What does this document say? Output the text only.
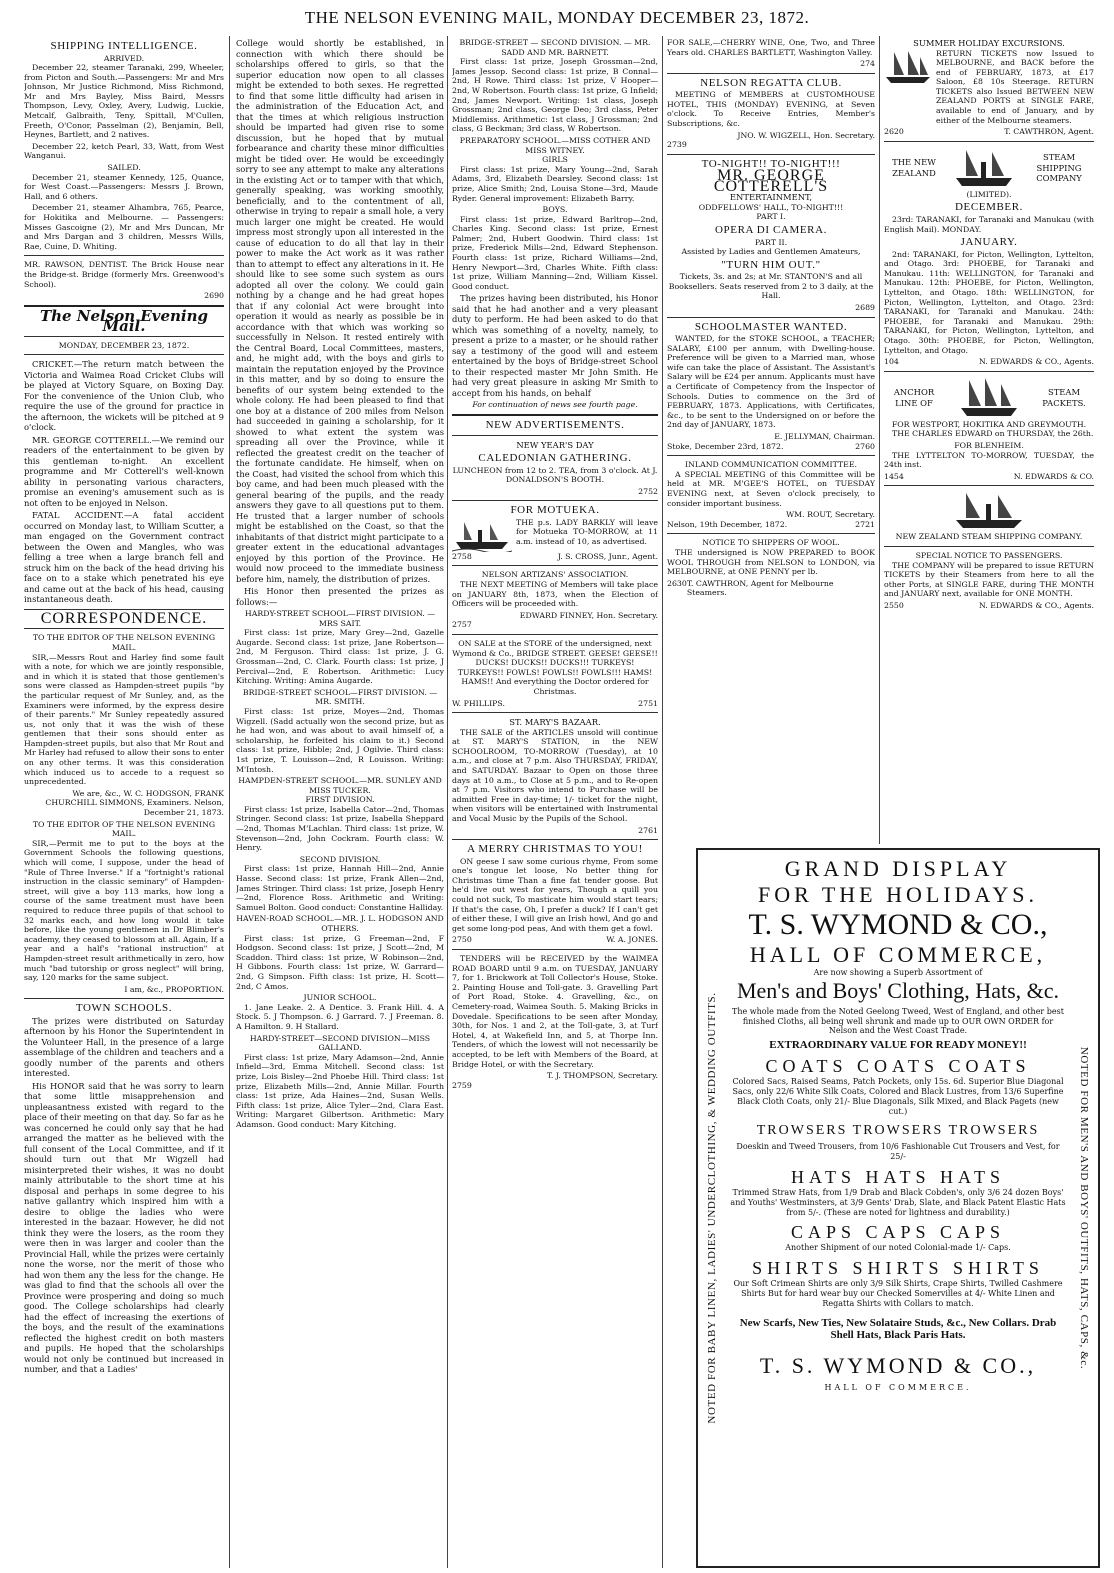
THE NELSON EVENING MAIL, MONDAY DECEMBER 23, 1872.
SHIPPING INTELLIGENCE.
ARRIVED.

December 22, steamer Taranaki, 299, Wheeler, from Picton and South.—Passengers: Mr and Mrs Johnson, Mr Justice Richmond, Miss Richmond, Mr and Mrs Bayley, Miss Baird, Messrs Thompson, Levy, Oxley, Avery, Ludwig, Luckie, Metcalf, Galbraith, Teny, Spittall, M'Cullen, Freeth, O'Conor, Passelman (2), Benjamin, Bell, Heynes, Bartlett, and 2 natives.

December 22, ketch Pearl, 33, Watt, from West Wanganui.

SAILED.

December 21, steamer Kennedy, 125, Quance, for West Coast.—Passengers: Messrs J. Brown, Hall, and 6 others.

December 21, steamer Alhambra, 765, Pearce, for Hokitika and Melbourne. — Passengers: Misses Gascoigne (2), Mr and Mrs Duncan, Mr and Mrs Dargan and 3 children, Messrs Wills, Rae, Cuine, D. Whiting.

MR. RAWSON, DENTIST. The Brick House near the Bridge-st. Bridge (formerly Mrs. Greenwood's School).

2690
The Nelson Evening Mail.
MONDAY, DECEMBER 23, 1872.

CRICKET.—The return match between the Victoria and Waimea Road Cricket Clubs will be played at Victory Square, on Boxing Day. For the convenience of the Union Club, who require the use of the ground for practice in the afternoon, the wickets will be pitched at 9 o'clock.

MR. GEORGE COTTERELL.—We remind our readers of the entertainment to be given by this gentleman to-night. An excellent programme and Mr Cotterell's well-known ability in personating various characters, promise an evening's amusement such as is not often to be enjoyed in Nelson.

FATAL ACCIDENT.—A fatal accident occurred on Monday last, to William Scutter, a man engaged on the Government contract between the Owen and Mangles, who was felling a tree when a large branch fell and struck him on the back of the head driving his face on to a stake which penetrated his eye and came out at the back of his head, causing instantaneous death.

CORRESPONDENCE.
TO THE EDITOR OF THE NELSON EVENING MAIL.

SIR,—Messrs Rout and Harley find some fault with a note, for which we are jointly responsible, and in which it is stated that those gentlemen's sons were classed as Hampden-street pupils "by the particular request of Mr Sunley, and, as the Examiners were informed, by the express desire of their parents." Mr Sunley repeatedly assured us, not only that it was the wish of these gentlemen that their sons should enter as Hampden-street pupils, but also that Mr Rout and Mr Harley had refused to allow their sons to enter on any other terms. It was this consideration which induced us to accede to a request so unprecedented.

We are, &c., W. C. HODGSON, FRANK CHURCHILL SIMMONS, Examiners. Nelson, December 21, 1873.

TO THE EDITOR OF THE NELSON EVENING MAIL.

SIR,—Permit me to put to the boys at the Government Schools the following questions, which will come, I suppose, under the head of "Rule of Three Inverse." If a "fortnight's rational instruction in the classic seminary" of Hampden-street, will give a boy 113 marks, how long a course of the same treatment must have been required to reduce three pupils of that school to 32 marks each, and how long would it take before, like the young gentlemen in Dr Blimber's academy, they ceased to blossom at all. Again, If a year and a half's "rational instruction" at Hampden-street result arithmetically in zero, how much "bad tutorship or gross neglect" will bring, say, 120 marks for the same subject.

I am, &c., PROPORTION.

TOWN SCHOOLS.

The prizes were distributed on Saturday afternoon by his Honor the Superintendent in the Volunteer Hall, in the presence of a large assemblage of the children and teachers and a goodly number of the parents and others interested.

His HONOR said that he was sorry to learn that some little misapprehension and unpleasantness existed with regard to the place of their meeting on that day. So far as he was concerned he could only say that he had arranged the matter as he believed with the full consent of the Local Committee, and if it should turn out that Mr Wigzell had misinterpreted their wishes, it was no doubt mainly attributable to the short time at his disposal and perhaps in some degree to his native gallantry which inspired him with a desire to oblige the ladies who were interested in the bazaar. However, he did not think they were the losers, as the room they were then in was larger and cooler than the Provincial Hall, while the prizes were certainly none the worse, nor the merit of those who had won them any the less for the change. He was glad to find that the schools all over the Province were prospering and doing so much good. The College scholarships had clearly had the effect of increasing the exertions of the boys, and the result of the examinations reflected the highest credit on both masters and pupils. He hoped that the scholarships would not only be continued but increased in number, and that a Ladies'

College would shortly be established, in connection with which there should be scholarships offered to girls, so that the superior education now open to all classes might be extended to both sexes. He regretted to find that some little difficulty had arisen in the administration of the Education Act, and that the times at which religious instruction should be imparted had given rise to some discussion, but he hoped that by mutual forbearance and charity these minor difficulties might be tided over. He would be exceedingly sorry to see any attempt to make any alterations in the existing Act or to tamper with that which, generally speaking, was working smoothly, beneficially, and to the contentment of all, otherwise in trying to repair a small hole, a very much larger one might be created. He would impress most strongly upon all interested in the cause of education to do all that lay in their power to make the Act work as it was rather than to attempt to effect any alterations in it. He should like to see some such system as ours adopted all over the colony. We could gain nothing by a change and he had great hopes that if any colonial Act were brought into operation it would as nearly as possible be in accordance with that which was working so successfully in Nelson. It rested entirely with the Central Board, Local Committees, masters, and, he might add, with the boys and girls to maintain the reputation enjoyed by the Province in this matter, and by so doing to ensure the benefits of our system being extended to the whole colony. He had been pleased to find that one boy at a distance of 200 miles from Nelson had succeeded in gaining a scholarship, for it showed to what extent the system was spreading all over the Province, while it reflected the greatest credit on the teacher of the fortunate candidate. He himself, when on the Coast, had visited the school from which this boy came, and had been much pleased with the general bearing of the pupils, and the ready answers they gave to all questions put to them. He trusted that a larger number of schools might be established on the Coast, so that the inhabitants of that district might participate to a greater extent in the educational advantages enjoyed by this portion of the Province. He would now proceed to the immediate business before him, namely, the distribution of prizes.

His Honor then presented the prizes as follows:—

HARDY-STREET SCHOOL—FIRST DIVISION. —MRS SAIT.

First class: 1st prize, Mary Grey—2nd, Gazelle Augarde. Second class: 1st prize, Jane Robertson—2nd, M Ferguson. Third class: 1st prize, J. G. Grossman—2nd, C. Clark. Fourth class: 1st prize, J Percival—2nd, E Robertson. Arithmetic: Lucy Kitching. Writing: Amina Augarde.

BRIDGE-STREET SCHOOL—FIRST DIVISION. —MR. SMITH.

First class: 1st prize, Moyes—2nd, Thomas Wigzell. (Sadd actually won the second prize, but as he had won, and was about to avail himself of, a scholarship, he forfeited his claim to it.) Second class: 1st prize, Hibble; 2nd, J Ogilvie. Third class: 1st prize, T. Louisson—2nd, R Louisson. Writing: M'Intosh.

HAMPDEN-STREET SCHOOL.—MR. SUNLEY AND MISS TUCKER.
FIRST DIVISION.

First class: 1st prize, Isabella Cator—2nd, Thomas Stringer. Second class: 1st prize, Isabella Sheppard—2nd, Thomas M'Lachlan. Third class: 1st prize, W. Stevenson—2nd, John Cockram. Fourth class: W. Henry.

SECOND DIVISION.

First class: 1st prize, Hannah Hill—2nd, Annie Hasse. Second class: 1st prize, Frank Allen—2nd, James Stringer. Third class: 1st prize, Joseph Henry—2nd, Florence Ross. Arithmetic and Writing: Samuel Bolton. Good conduct: Constantine Halliday.

HAVEN-ROAD SCHOOL.—MR. J. L. HODGSON AND OTHERS.

First class: 1st prize, G Freeman—2nd, F Hodgson. Second class: 1st prize, J Scott—2nd, M Scaddon. Third class: 1st prize, W Robinson—2nd, H Gibbons. Fourth class: 1st prize, W. Garrard—2nd, G Simpson. Fifth class: 1st prize, H. Scott—2nd, C Amos.

JUNIOR SCHOOL.

1. Jane Leake. 2. A Dentice. 3. Frank Hill. 4. A Stock. 5. J Thompson. 6. J Garrard. 7. J Freeman. 8. A Hamilton. 9. H Stallard.

HARDY-STREET—SECOND DIVISION—MISS GALLAND.

First class: 1st prize, Mary Adamson—2nd, Annie Infield—3rd, Emma Mitchell. Second class: 1st prize, Lois Bisley—2nd Phoebe Hill. Third class: 1st prize, Elizabeth Mills—2nd, Annie Millar. Fourth class: 1st prize, Ada Haines—2nd, Susan Wells. Fifth class: 1st prize, Alice Tyler—2nd, Clara East. Writing: Margaret Gilbertson. Arithmetic: Mary Adamson. Good conduct: Mary Kitching.

BRIDGE-STREET — SECOND DIVISION. — MR. SADD AND MR. BARNETT.

First class: 1st prize, Joseph Grossman—2nd, James Jessop. Second class: 1st prize, B Connal—2nd, H Rowe. Third class: 1st prize, V Hooper—2nd, W Robertson. Fourth class: 1st prize, G Infield; 2nd, James Newport. Writing: 1st class, Joseph Grossman; 2nd class, George Deo; 3rd class, Peter Middlemiss. Arithmetic: 1st class, J Grossman; 2nd class, G Beckman; 3rd class, W Robertson.

PREPARATORY SCHOOL.—MISS COTHER AND MISS WITNEY.
GIRLS

First class: 1st prize, Mary Young—2nd, Sarah Adams, 3rd, Elizabeth Dearsley. Second class: 1st prize, Alice Smith; 2nd, Louisa Stone—3rd, Maude Ryder. General improvement: Elizabeth Barry.

BOYS.

First class: 1st prize, Edward Barltrop—2nd, Charles King. Second class: 1st prize, Ernest Palmer; 2nd, Hubert Goodwin. Third class: 1st prize, Frederick Mills—2nd, Edward Stephenson. Fourth class: 1st prize, Richard Williams—2nd, Henry Newport—3rd, Charles White. Fifth class: 1st prize, William Manning—2nd, William Kissel. Good conduct.

The prizes having been distributed, his Honor said that he had another and a very pleasant duty to perform. He had been asked to do that which was something of a novelty, namely, to present a prize to a master, or he should rather say a testimony of the good will and esteem entertained by the boys of Bridge-street School to their respected master Mr John Smith. He had very great pleasure in asking Mr Smith to accept from his hands, on behalf

For continuation of news see fourth page.
NEW ADVERTISEMENTS.
NEW YEAR'S DAY
CALEDONIAN GATHERING.

LUNCHEON from 12 to 2. TEA, from 3 o'clock. At J. DONALDSON'S BOOTH.

2752
FOR MOTUEKA.

THE p.s. LADY BARKLY will leave for Motueka TO-MORROW, at 11 a.m. instead of 10, as advertised.

2758	J. S. CROSS, Junr., Agent.
NELSON ARTIZANS' ASSOCIATION.

THE NEXT MEETING of Members will take place on JANUARY 8th, 1873, when the Election of Officers will be proceeded with.

EDWARD FINNEY, Hon. Secretary.
2757

ON SALE at the STORE of the undersigned, next Wymond & Co., BRIDGE STREET. GEESE! GEESE!! DUCKS! DUCKS!! DUCKS!!! TURKEYS! TURKEYS!! FOWLS! FOWLS!! FOWLS!!! HAMS! HAMS!! And everything the Doctor ordered for Christmas.

W. PHILLIPS.	2751
ST. MARY'S BAZAAR.

THE SALE of the ARTICLES unsold will continue at ST. MARY'S STATION, in the NEW SCHOOLROOM, TO-MORROW (Tuesday), at 10 a.m., and close at 7 p.m. Also THURSDAY, FRIDAY, and SATURDAY. Bazaar to Open on those three days at 10 a.m., to Close at 5 p.m., and to Re-open at 7 p.m. Visitors who intend to Purchase will be admitted Free in day-time; 1/- ticket for the night, when visitors will be entertained with Instrumental and Vocal Music by the Pupils of the School.

2761
A MERRY CHRISTMAS TO YOU!

ON geese I saw some curious rhyme, From some one's tongue let loose, No better thing for Christmas time Than a fine fat tender goose. But he'd live out west for years, Though a quill you could not suck, To masticate him would start tears; If that's the case, Oh, I prefer a duck? If I can't get of either these, I will give an Irish howl, And go and get some long-pod peas, And with them get a fowl.

2750	W. A. JONES.

TENDERS will be RECEIVED by the WAIMEA ROAD BOARD until 9 a.m. on TUESDAY, JANUARY 7, for 1. Brickwork at Toll Collector's House, Stoke. 2. Painting House and Toll-gate. 3. Gravelling Part of Port Road, Stoke. 4. Gravelling, &c., on Cemetery-road, Waimea South. 5. Making Bricks in Dovedale. Specifications to be seen after Monday, 30th, for Nos. 1 and 2, at the Toll-gate, 3, at Turf Hotel, 4, at Wakefield Inn, and 5, at Thorpe Inn. Tenders, of which the lowest will not necessarily be accepted, to be left with Members of the Board, at Bridge Hotel, or with the Secretary.

T. J. THOMPSON, Secretary.
2759

FOR SALE,—CHERRY WINE, One, Two, and Three Years old. CHARLES BARTLETT, Washington Valley.

274
NELSON REGATTA CLUB.

MEETING of MEMBERS at CUSTOMHOUSE HOTEL, THIS (MONDAY) EVENING, at Seven o'clock. To Receive Entries, Member's Subscriptions, &c.

JNO. W. WIGZELL, Hon. Secretary.
2739
TO-NIGHT!! TO-NIGHT!!!
MR. GEORGE COTTERELL'S
ENTERTAINMENT,
ODDFELLOWS' HALL, TO-NIGHT!!!
PART I.
OPERA DI CAMERA.
PART II.
Assisted by Ladies and Gentlemen Amateurs,
"TURN HIM OUT."

Tickets, 3s. and 2s; at Mr. STANTON'S and all Booksellers. Seats reserved from 2 to 3 daily, at the Hall.

2689
SCHOOLMASTER WANTED.

WANTED, for the STOKE SCHOOL, a TEACHER; SALARY, £100 per annum, with Dwelling-house. Preference will be given to a Married man, whose wife can take the place of Assistant. The Assistant's Salary will be £24 per annum. Applicants must have a Certificate of Competency from the Inspector of Schools. Duties to commence on the 3rd of FEBRUARY, 1873. Applications, with Certificates, &c., to be sent to the Undersigned on or before the 2nd day of JANUARY, 1873.

E. JELLYMAN, Chairman.
Stoke, December 23rd, 1872.	2760
INLAND COMMUNICATION COMMITTEE.

A SPECIAL MEETING of this Committee will be held at MR. M'GEE'S HOTEL, on TUESDAY EVENING next, at Seven o'clock precisely, to consider important business.

WM. ROUT, Secretary.
Nelson, 19th December, 1872.	2721
NOTICE TO SHIPPERS OF WOOL.

THE undersigned is NOW PREPARED to BOOK WOOL THROUGH from NELSON to LONDON, via MELBOURNE, at ONE PENNY per lb.

2630 T. CAWTHRON, Agent for Melbourne Steamers.
SUMMER HOLIDAY EXCURSIONS.

RETURN TICKETS now Issued to MELBOURNE, and BACK before the end of FEBRUARY, 1873, at £17 Saloon, £8 10s Steerage. RETURN TICKETS also Issued BETWEEN NEW ZEALAND PORTS at SINGLE FARE, available to end of January, and by either of the Melbourne steamers.

2620	T. CAWTHRON, Agent.
THE NEW ZEALAND
STEAM SHIPPING COMPANY
(LIMITED).
DECEMBER.

23rd: TARANAKI, for Taranaki and Manukau (with English Mail). MONDAY.

JANUARY.

2nd: TARANAKI, for Picton, Wellington, Lyttelton, and Otago. 3rd: PHOEBE, for Taranaki and Manukau. 11th: WELLINGTON, for Taranaki and Manukau. 12th: PHOEBE, for Picton, Wellington, Lyttelton, and Otago. 18th: WELLINGTON, for Picton, Wellington, Lyttelton, and Otago. 23rd: TARANAKI, for Taranaki and Manukau. 24th: PHOEBE, for Taranaki and Manukau. 29th: TARANAKI, for Picton, Wellington, Lyttelton, and Otago. 30th: PHOEBE, for Picton, Wellington, Lyttelton, and Otago.

104	N. EDWARDS & CO., Agents.
ANCHOR LINE OF
STEAM PACKETS.
FOR WESTPORT, HOKITIKA AND GREYMOUTH.

THE CHARLES EDWARD on THURSDAY, the 26th.

FOR BLENHEIM.

THE LYTTELTON TO-MORROW, TUESDAY, the 24th inst.

1454	N. EDWARDS & CO.
NEW ZEALAND STEAM SHIPPING COMPANY.
SPECIAL NOTICE TO PASSENGERS.

THE COMPANY will be prepared to issue RETURN TICKETS by their Steamers from here to all the other Ports, at SINGLE FARE, during THE MONTH and JANUARY next, available for ONE MONTH.

2550	N. EDWARDS & CO., Agents.
NOTED FOR BABY LINEN, LADIES' UNDERCLOTHING, & WEDDING OUTFITS.	NOTED FOR MEN'S AND BOYS' OUTFITS, HATS, CAPS, &c.
GRAND DISPLAY
FOR THE HOLIDAYS.
T. S. WYMOND & CO.,
HALL OF COMMERCE,
Are now showing a Superb Assortment of
Men's and Boys' Clothing, Hats, &c.
The whole made from the Noted Geelong Tweed, West of England, and other best finished Cloths, all being well shrunk and made up to OUR OWN ORDER for Nelson and the West Coast Trade.
EXTRAORDINARY VALUE FOR READY MONEY!!
COATS COATS COATS
Colored Sacs, Raised Seams, Patch Pockets, only 15s. 6d. Superior Blue Diagonal Sacs, only 22/6 White Silk Coats, Colored and Black Lustres, from 13/6 Superfine Black Cloth Coats, only 21/- Blue Diagonals, Silk Mixed, and Black Pagets (new cut.)
TROWSERS TROWSERS TROWSERS
Doeskin and Tweed Trousers, from 10/6 Fashionable Cut Trousers and Vest, for 25/-
HATS HATS HATS
Trimmed Straw Hats, from 1/9 Drab and Black Cobden's, only 3/6 24 dozen Boys' and Youths' Westminsters, at 3/9 Gents' Drab, Slate, and Black Patent Elastic Hats from 5/-. (These are noted for lightness and durability.)
CAPS CAPS CAPS
Another Shipment of our noted Colonial-made 1/- Caps.
SHIRTS SHIRTS SHIRTS
Our Soft Crimean Shirts are only 3/9 Silk Shirts, Crape Shirts, Twilled Cashmere Shirts But for hard wear buy our Checked Somervilles at 4/- White Linen and Regatta Shirts with Collars to match.
New Scarfs, New Ties, New Solataire Studs, &c., New Collars. Drab Shell Hats, Black Paris Hats.
T. S. WYMOND & CO.,
HALL OF COMMERCE.
